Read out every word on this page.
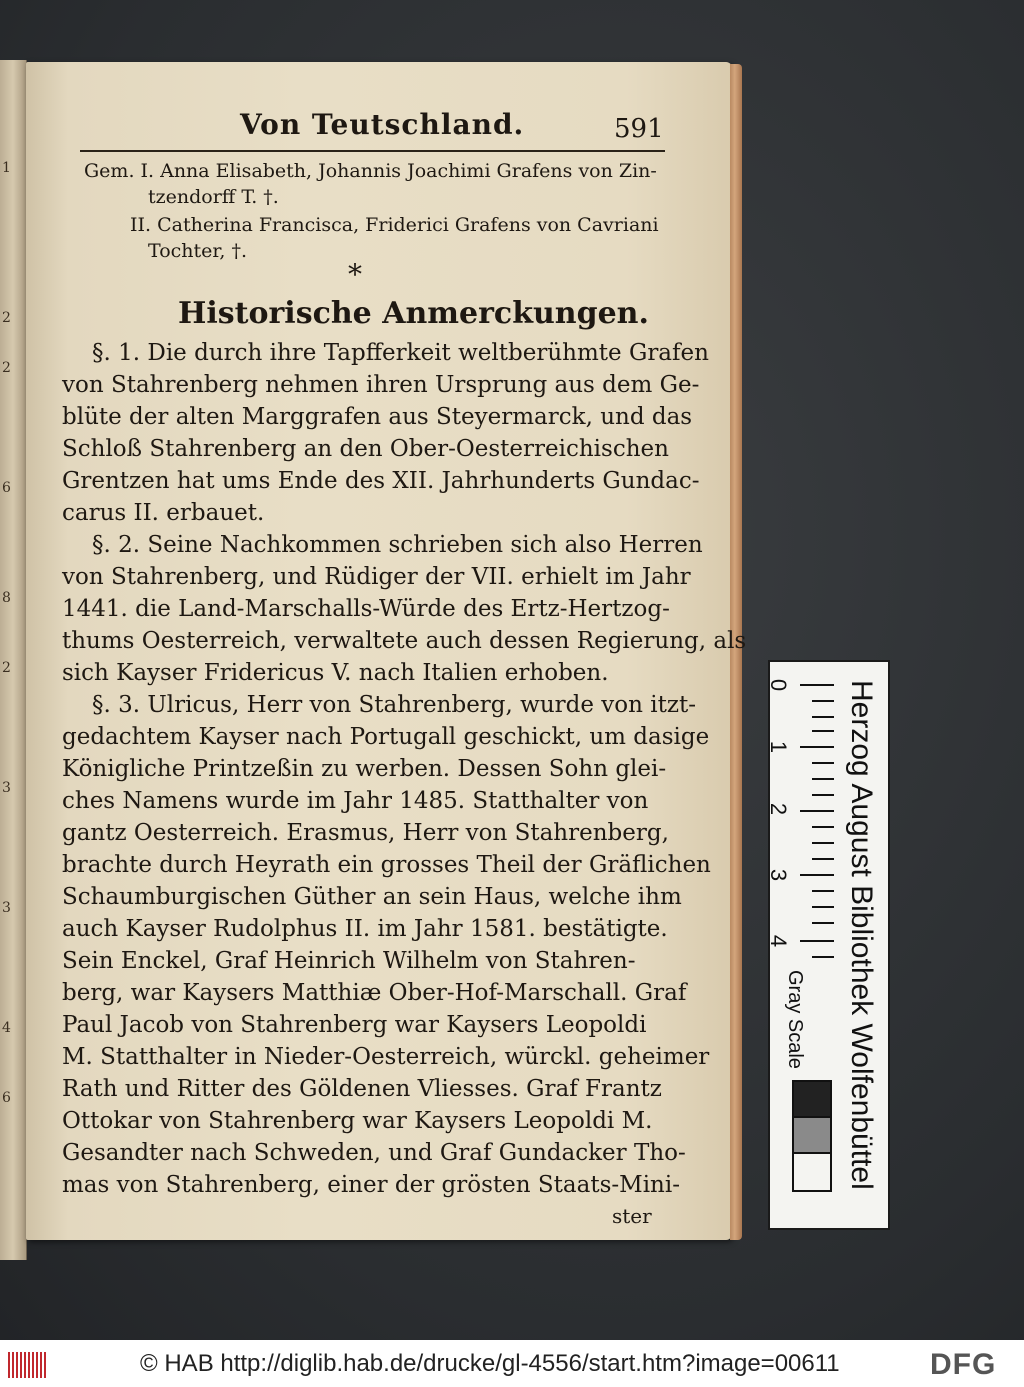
1
2
2
6
8
2
3
3
4
6
Von Teutschland.	591
Gem. I. Anna Elisabeth, Johannis Joachimi Grafens von Zin-
tzendorff T. †.
II. Catherina Francisca, Friderici Grafens von Cavriani
Tochter, †.
*
Historische Anmerckungen.
§. 1. Die durch ihre Tapfferkeit weltberühmte Grafen
von Stahrenberg nehmen ihren Ursprung aus dem Ge-
blüte der alten Marggrafen aus Steyermarck, und das
Schloß Stahrenberg an den Ober-Oesterreichischen
Grentzen hat ums Ende des XII. Jahrhunderts Gundac-
carus II. erbauet.
§. 2. Seine Nachkommen schrieben sich also Herren
von Stahrenberg, und Rüdiger der VII. erhielt im Jahr
1441. die Land-Marschalls-Würde des Ertz-Hertzog-
thums Oesterreich, verwaltete auch dessen Regierung, als
sich Kayser Fridericus V. nach Italien erhoben.
§. 3. Ulricus, Herr von Stahrenberg, wurde von itzt-
gedachtem Kayser nach Portugall geschickt, um dasige
Königliche Printzeßin zu werben. Dessen Sohn glei-
ches Namens wurde im Jahr 1485. Statthalter von
gantz Oesterreich. Erasmus, Herr von Stahrenberg,
brachte durch Heyrath ein grosses Theil der Gräflichen
Schaumburgischen Güther an sein Haus, welche ihm
auch Kayser Rudolphus II. im Jahr 1581. bestätigte.
Sein Enckel, Graf Heinrich Wilhelm von Stahren-
berg, war Kaysers Matthiæ Ober-Hof-Marschall. Graf
Paul Jacob von Stahrenberg war Kaysers Leopoldi
M. Statthalter in Nieder-Oesterreich, würckl. geheimer
Rath und Ritter des Göldenen Vliesses. Graf Frantz
Ottokar von Stahrenberg war Kaysers Leopoldi M.
Gesandter nach Schweden, und Graf Gundacker Tho-
mas von Stahrenberg, einer der grösten Staats-Mini-
ster
Herzog August Bibliothek Wolfenbüttel
0
1
2
3
4
Gray Scale
© HAB http://diglib.hab.de/drucke/gl-4556/start.htm?image=00611	DFG
